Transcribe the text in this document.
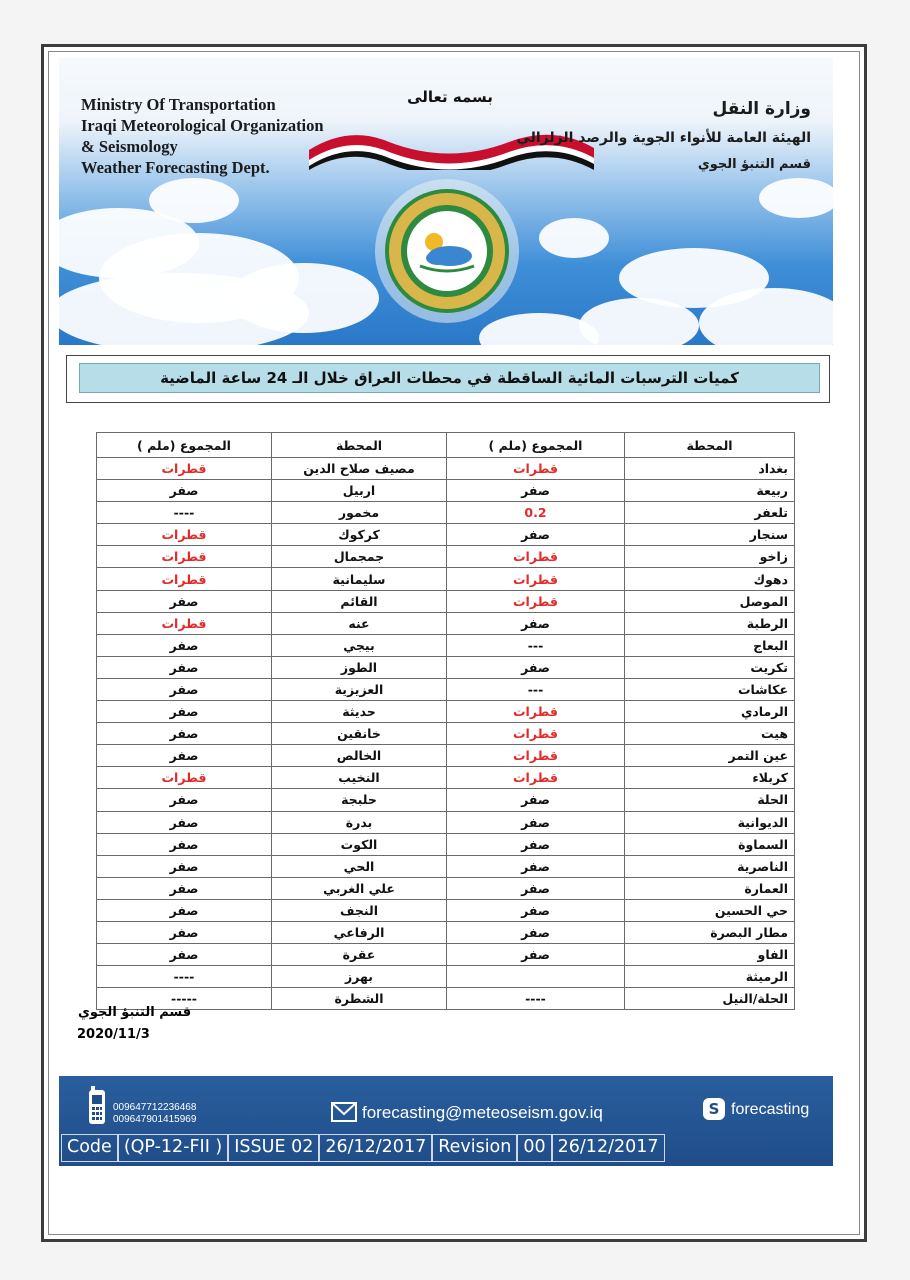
Ministry Of Transportation
Iraqi Meteorological Organization
& Seismology
Weather Forecasting Dept.
بسمه تعالى
وزارة النقل
الهيئة العامة للأنواء الجوية والرصد الزلزالي
قسم التنبؤ الجوي
كميات الترسبات المائية الساقطة في محطات العراق خلال الـ 24 ساعة الماضية
المحطة	المجموع (ملم )	المحطة	المجموع (ملم )
بغداد	قطرات	مصيف صلاح الدين	قطرات
ربيعة	صفر	اربيل	صفر
تلعفر	0.2	مخمور	----
سنجار	صفر	كركوك	قطرات
زاخو	قطرات	جمجمال	قطرات
دهوك	قطرات	سليمانية	قطرات
الموصل	قطرات	القائم	صفر
الرطبة	صفر	عنه	قطرات
البعاج	---	بيجي	صفر
تكريت	صفر	الطوز	صفر
عكاشات	---	العزيزية	صفر
الرمادي	قطرات	حديثة	صفر
هيت	قطرات	خانقين	صفر
عين التمر	قطرات	الخالص	صفر
كربلاء	قطرات	النخيب	قطرات
الحلة	صفر	حلبجة	صفر
الديوانية	صفر	بدرة	صفر
السماوة	صفر	الكوت	صفر
الناصرية	صفر	الحي	صفر
العمارة	صفر	علي الغربي	صفر
حي الحسين	صفر	النجف	صفر
مطار البصرة	صفر	الرفاعي	صفر
الفاو	صفر	عقرة	صفر
الرميثة		بهرز	----
الحلة/النيل	----	الشطرة	-----
قسم التنبؤ الجوي
2020/11/3
009647712236468
009647901415969	forecasting@meteoseism.gov.iq	S forecasting
Code (QP-12-FII ) ISSUE 02 26/12/2017 Revision 00 26/12/2017
